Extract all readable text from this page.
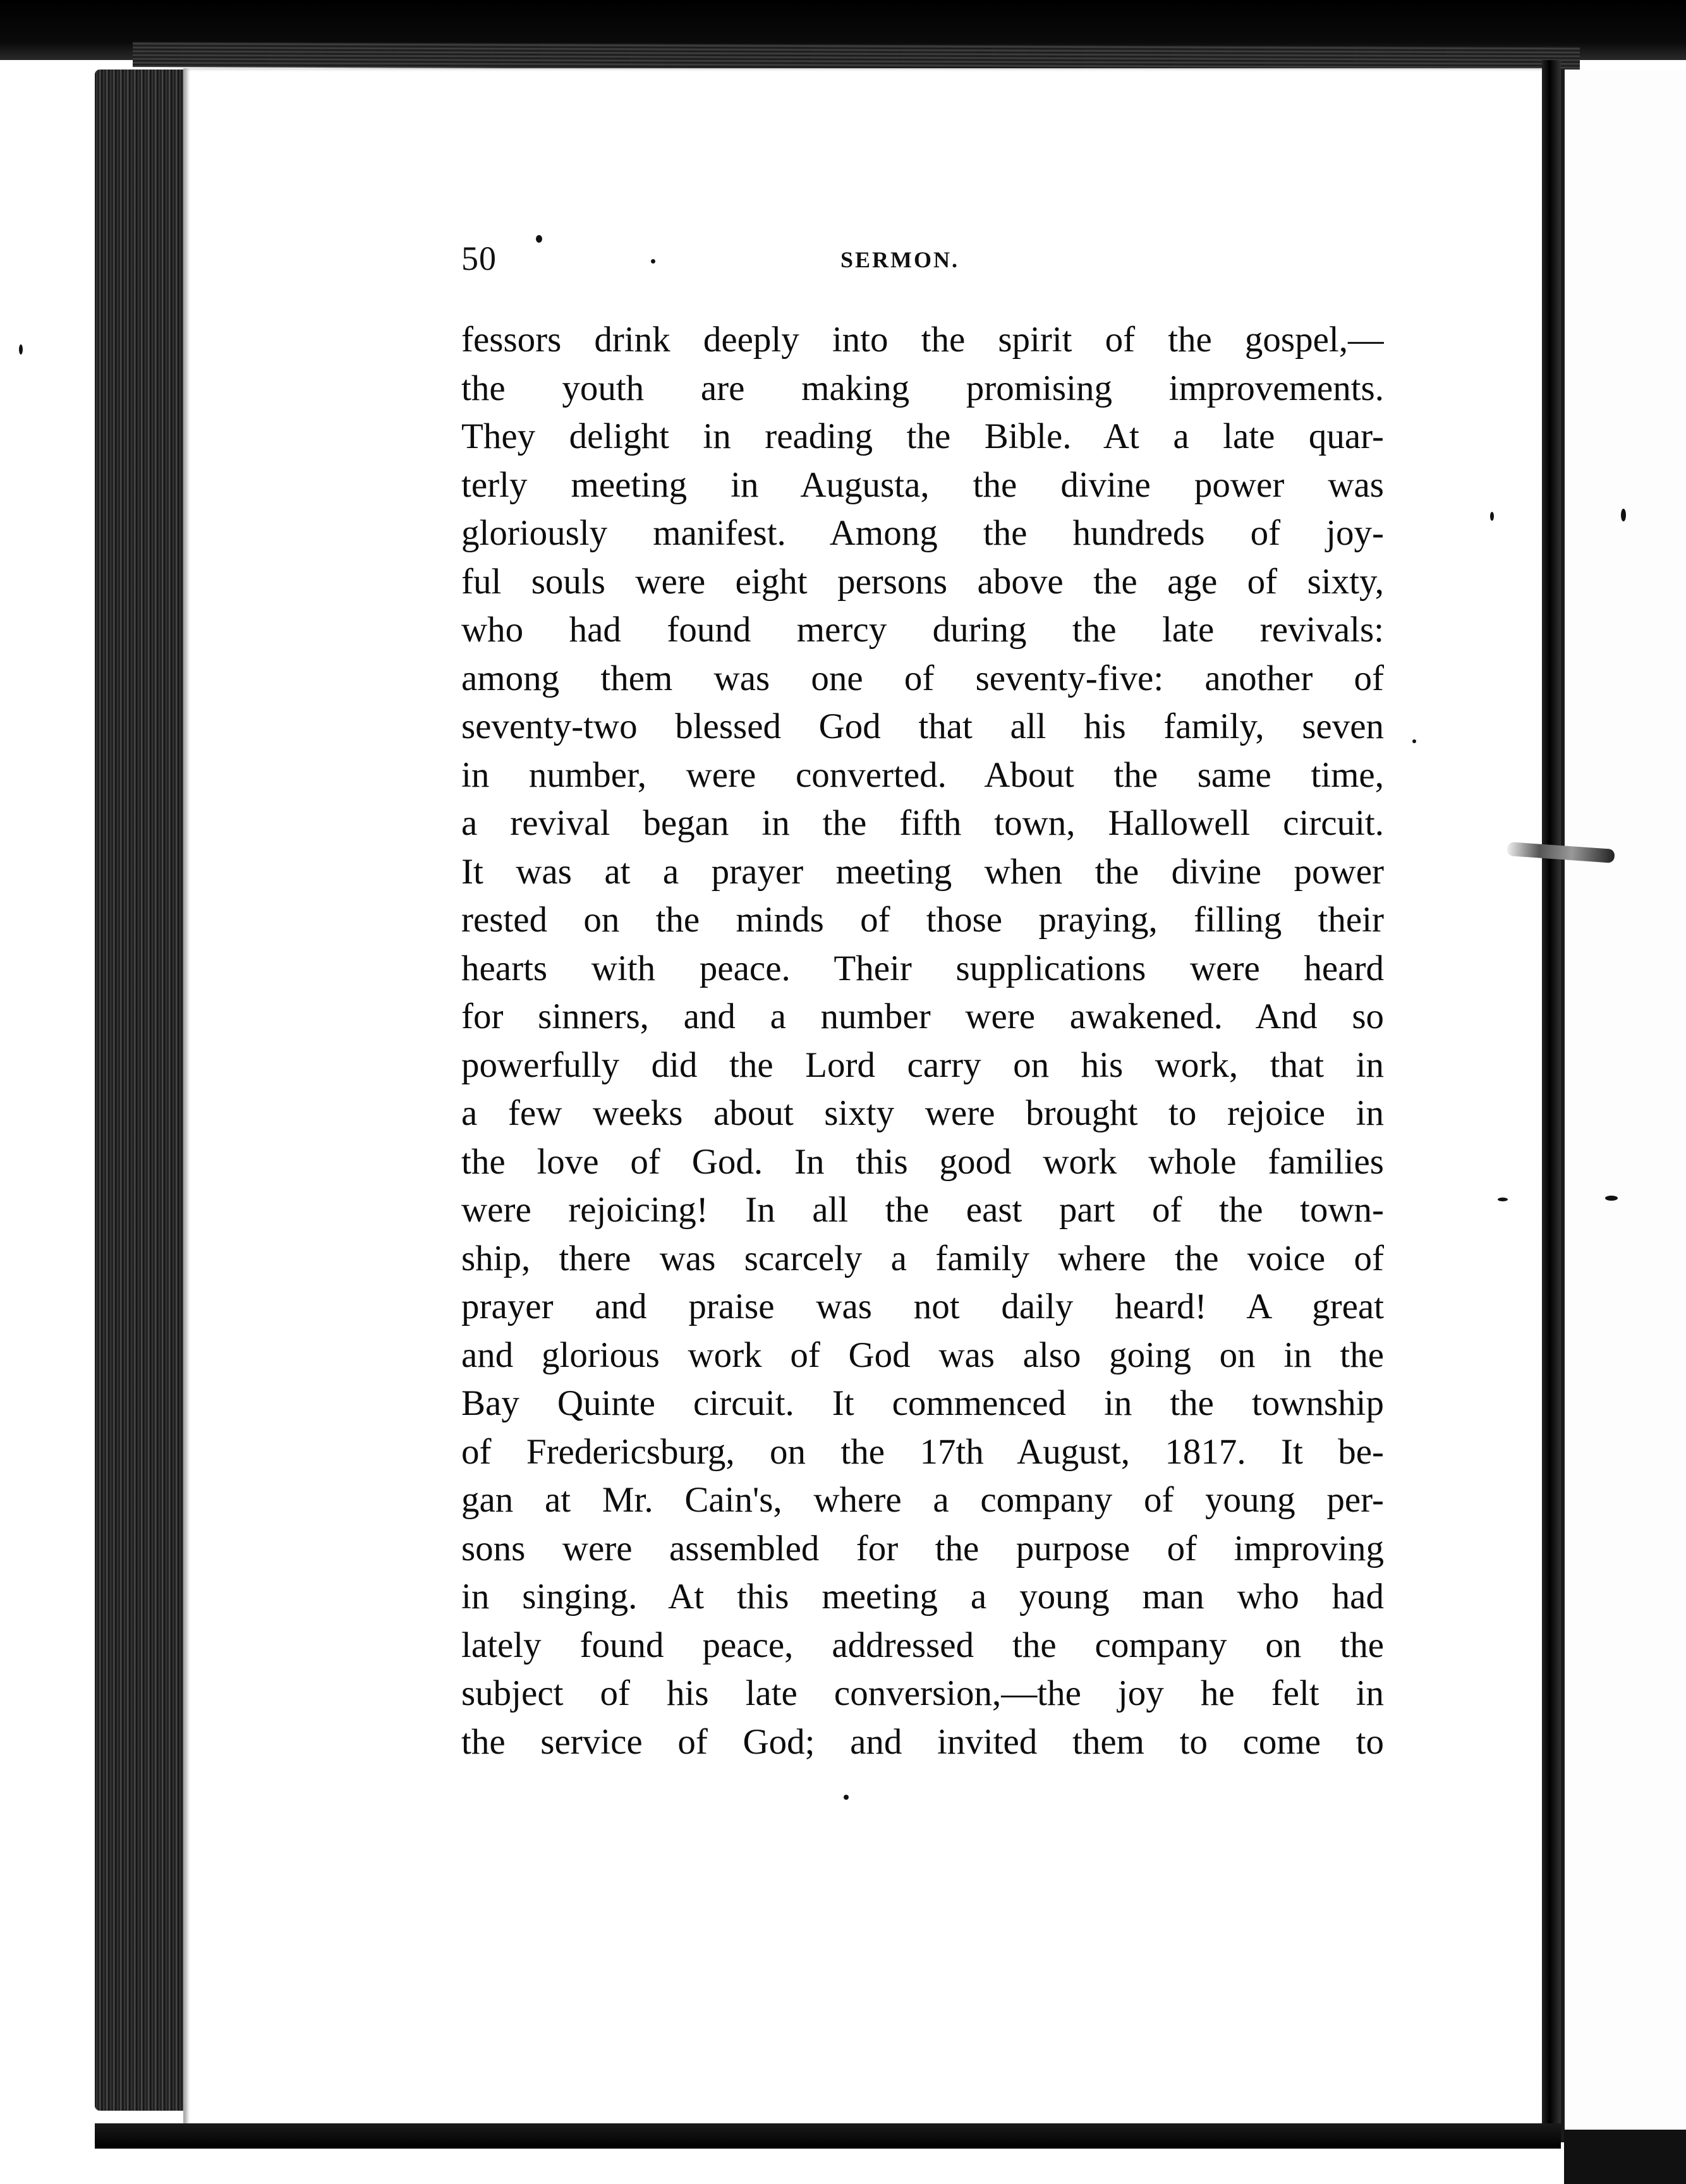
50	SERMON.
fessors drink deeply into the spirit of the gospel,—
the youth are making promising improvements.
They delight in reading the Bible. At a late quar-
terly meeting in Augusta, the divine power was
gloriously manifest. Among the hundreds of joy-
ful souls were eight persons above the age of sixty,
who had found mercy during the late revivals:
among them was one of seventy-five: another of
seventy-two blessed God that all his family, seven
in number, were converted. About the same time,
a revival began in the fifth town, Hallowell circuit.
It was at a prayer meeting when the divine power
rested on the minds of those praying, filling their
hearts with peace. Their supplications were heard
for sinners, and a number were awakened. And so
powerfully did the Lord carry on his work, that in
a few weeks about sixty were brought to rejoice in
the love of God. In this good work whole families
were rejoicing! In all the east part of the town-
ship, there was scarcely a family where the voice of
prayer and praise was not daily heard! A great
and glorious work of God was also going on in the
Bay Quinte circuit. It commenced in the township
of Fredericsburg, on the 17th August, 1817. It be-
gan at Mr. Cain's, where a company of young per-
sons were assembled for the purpose of improving
in singing. At this meeting a young man who had
lately found peace, addressed the company on the
subject of his late conversion,—the joy he felt in
the service of God; and invited them to come to
